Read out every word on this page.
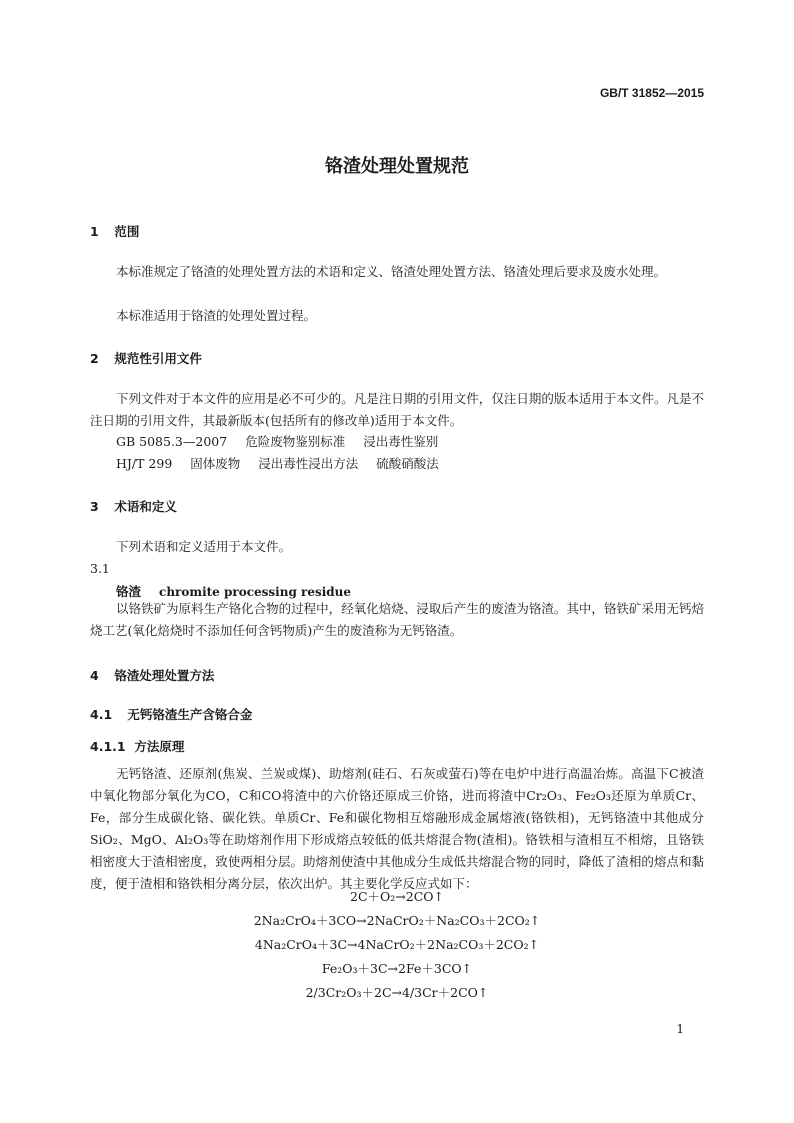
GB/T 31852—2015
铬渣处理处置规范
1 范围
本标准规定了铬渣的处理处置方法的术语和定义、铬渣处理处置方法、铬渣处理后要求及废水处理。
本标准适用于铬渣的处理处置过程。
2 规范性引用文件
下列文件对于本文件的应用是必不可少的。凡是注日期的引用文件，仅注日期的版本适用于本文件。凡是不注日期的引用文件，其最新版本(包括所有的修改单)适用于本文件。
GB 5085.3—2007 危险废物鉴别标准 浸出毒性鉴别
HJ/T 299 固体废物 浸出毒性浸出方法 硫酸硝酸法
3 术语和定义
下列术语和定义适用于本文件。
3.1
铬渣 chromite processing residue
以铬铁矿为原料生产铬化合物的过程中，经氧化焙烧、浸取后产生的废渣为铬渣。其中，铬铁矿采用无钙焙烧工艺(氧化焙烧时不添加任何含钙物质)产生的废渣称为无钙铬渣。
4 铬渣处理处置方法
4.1 无钙铬渣生产含铬合金
4.1.1 方法原理
无钙铬渣、还原剂(焦炭、兰炭或煤)、助熔剂(硅石、石灰或萤石)等在电炉中进行高温冶炼。高温下C被渣中氧化物部分氧化为CO，C和CO将渣中的六价铬还原成三价铬，进而将渣中Cr₂O₃、Fe₂O₃还原为单质Cr、Fe，部分生成碳化铬、碳化铁。单质Cr、Fe和碳化物相互熔融形成金属熔液(铬铁相)，无钙铬渣中其他成分SiO₂、MgO、Al₂O₃等在助熔剂作用下形成熔点较低的低共熔混合物(渣相)。铬铁相与渣相互不相熔，且铬铁相密度大于渣相密度，致使两相分层。助熔剂使渣中其他成分生成低共熔混合物的同时，降低了渣相的熔点和黏度，便于渣相和铬铁相分离分层，依次出炉。其主要化学反应式如下：
2C＋O₂→2CO↑
2Na₂CrO₄＋3CO→2NaCrO₂＋Na₂CO₃＋2CO₂↑
4Na₂CrO₄＋3C→4NaCrO₂＋2Na₂CO₃＋2CO₂↑
Fe₂O₃＋3C→2Fe＋3CO↑
2/3Cr₂O₃＋2C→4/3Cr＋2CO↑
1
